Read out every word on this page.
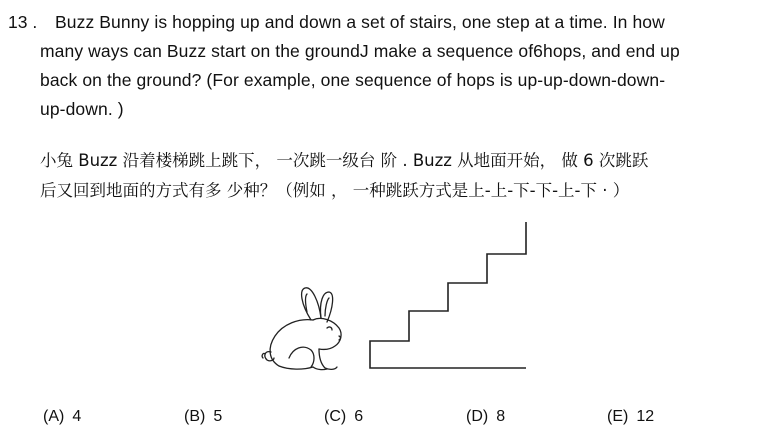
13 .	Buzz Bunny is hopping up and down a set of stairs, one step at a time. In how
many ways can Buzz start on the groundJ make a sequence of6hops, and end up
back on the ground? (For example, one sequence of hops is up-up-down-down-
up-down. )
小兔 Buzz 沿着楼梯跳上跳下， 一次跳一级台 阶 . Buzz 从地面开始， 做 6 次跳跃
后又回到地面的方式有多 少种？（例如 ， 一种跳跃方式是上-上-下-下-上-下 · ）
(A) 4	(B) 5	(C) 6	(D) 8	(E) 12
